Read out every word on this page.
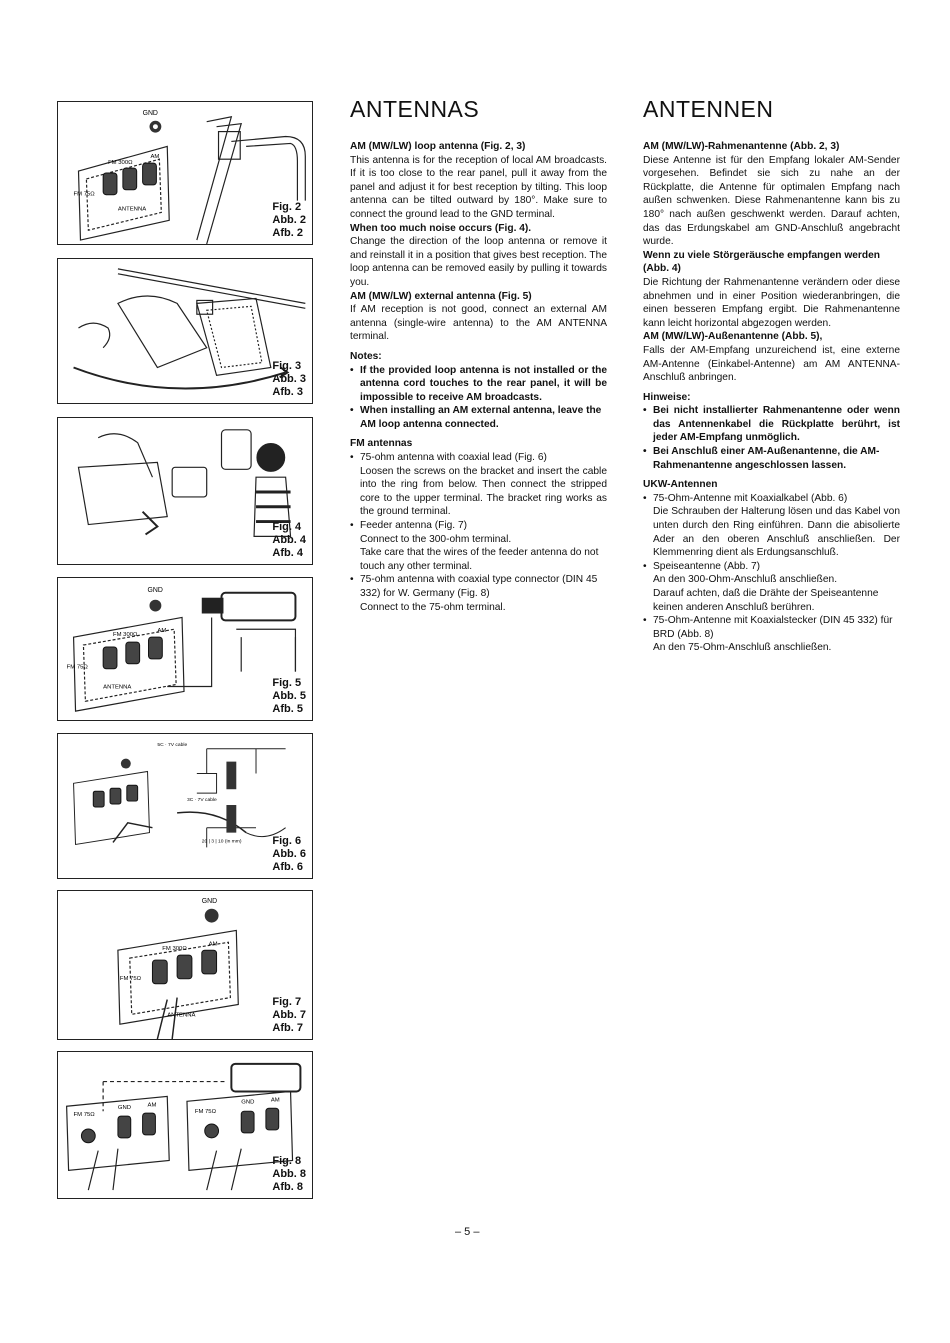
GND
FM 300Ω
AM
FM 75Ω
ANTENNA	Fig. 2
Abb. 2
Afb. 2
Fig. 3
Abb. 3
Afb. 3
Fig. 4
Abb. 4
Afb. 4
GND
FM 300Ω
AM
FM 75Ω
ANTENNA	Fig. 5
Abb. 5
Afb. 5
5C · 7V cable
3C · 7V cable
20 | 3 | 10 (in mm)	Fig. 6
Abb. 6
Afb. 6
GND
FM 300Ω
AM
FM 75Ω
ANTENNA
Fig. 7
Abb. 7
Afb. 7
FM 75Ω
GND	AM
FM 75Ω
GND	AM
Fig. 8
Abb. 8
Afb. 8
ANTENNAS

AM (MW/LW) loop antenna (Fig. 2, 3)

This antenna is for the reception of local AM broadcasts. If it is too close to the rear panel, pull it away from the panel and adjust it for best reception by tilting. This loop antenna can be tilted outward by 180°. Make sure to connect the ground lead to the GND terminal.

When too much noise occurs (Fig. 4).

Change the direction of the loop antenna or remove it and reinstall it in a position that gives best reception. The loop antenna can be removed easily by pulling it towards you.

AM (MW/LW) external antenna (Fig. 5)

If AM reception is not good, connect an external AM antenna (single-wire antenna) to the AM ANTENNA terminal.

Notes:

• If the provided loop antenna is not installed or the antenna cord touches to the rear panel, it will be impossible to receive AM broadcasts.

• When installing an AM external antenna, leave the AM loop antenna connected.

FM antennas

• 75-ohm antenna with coaxial lead (Fig. 6)

Loosen the screws on the bracket and insert the cable into the ring from below. Then connect the stripped core to the upper terminal. The bracket ring works as the ground terminal.

• Feeder antenna (Fig. 7)

Connect to the 300-ohm terminal.

Take care that the wires of the feeder antenna do not touch any other terminal.

• 75-ohm antenna with coaxial type connector (DIN 45 332) for W. Germany (Fig. 8)

Connect to the 75-ohm terminal.

ANTENNEN

AM (MW/LW)-Rahmenantenne (Abb. 2, 3)

Diese Antenne ist für den Empfang lokaler AM-Sender vorgesehen. Befindet sie sich zu nahe an der Rückplatte, die Antenne für optimalen Empfang nach außen schwenken. Diese Rahmenantenne kann bis zu 180° nach außen geschwenkt werden. Darauf achten, das das Erdungskabel am GND-Anschluß angebracht wurde.

Wenn zu viele Störgeräusche empfangen werden (Abb. 4)

Die Richtung der Rahmenantenne verändern oder diese abnehmen und in einer Position wiederanbringen, die einen besseren Empfang ergibt. Die Rahmenantenne kann leicht horizontal abgezogen werden.

AM (MW/LW)-Außenantenne (Abb. 5),

Falls der AM-Empfang unzureichend ist, eine externe AM-Antenne (Einkabel-Antenne) am AM ANTENNA-Anschluß anbringen.

Hinweise:

• Bei nicht installierter Rahmenantenne oder wenn das Antennenkabel die Rückplatte berührt, ist jeder AM-Empfang unmöglich.

• Bei Anschluß einer AM-Außenantenne, die AM-Rahmenantenne angeschlossen lassen.

UKW-Antennen

• 75-Ohm-Antenne mit Koaxialkabel (Abb. 6)

Die Schrauben der Halterung lösen und das Kabel von unten durch den Ring einführen. Dann die abisolierte Ader an den oberen Anschluß anschließen. Der Klemmenring dient als Erdungsanschluß.

• Speiseantenne (Abb. 7)

An den 300-Ohm-Anschluß anschließen.

Darauf achten, daß die Drähte der Speiseantenne keinen anderen Anschluß berühren.

• 75-Ohm-Antenne mit Koaxialstecker (DIN 45 332) für BRD (Abb. 8)

An den 75-Ohm-Anschluß anschließen.

– 5 –
